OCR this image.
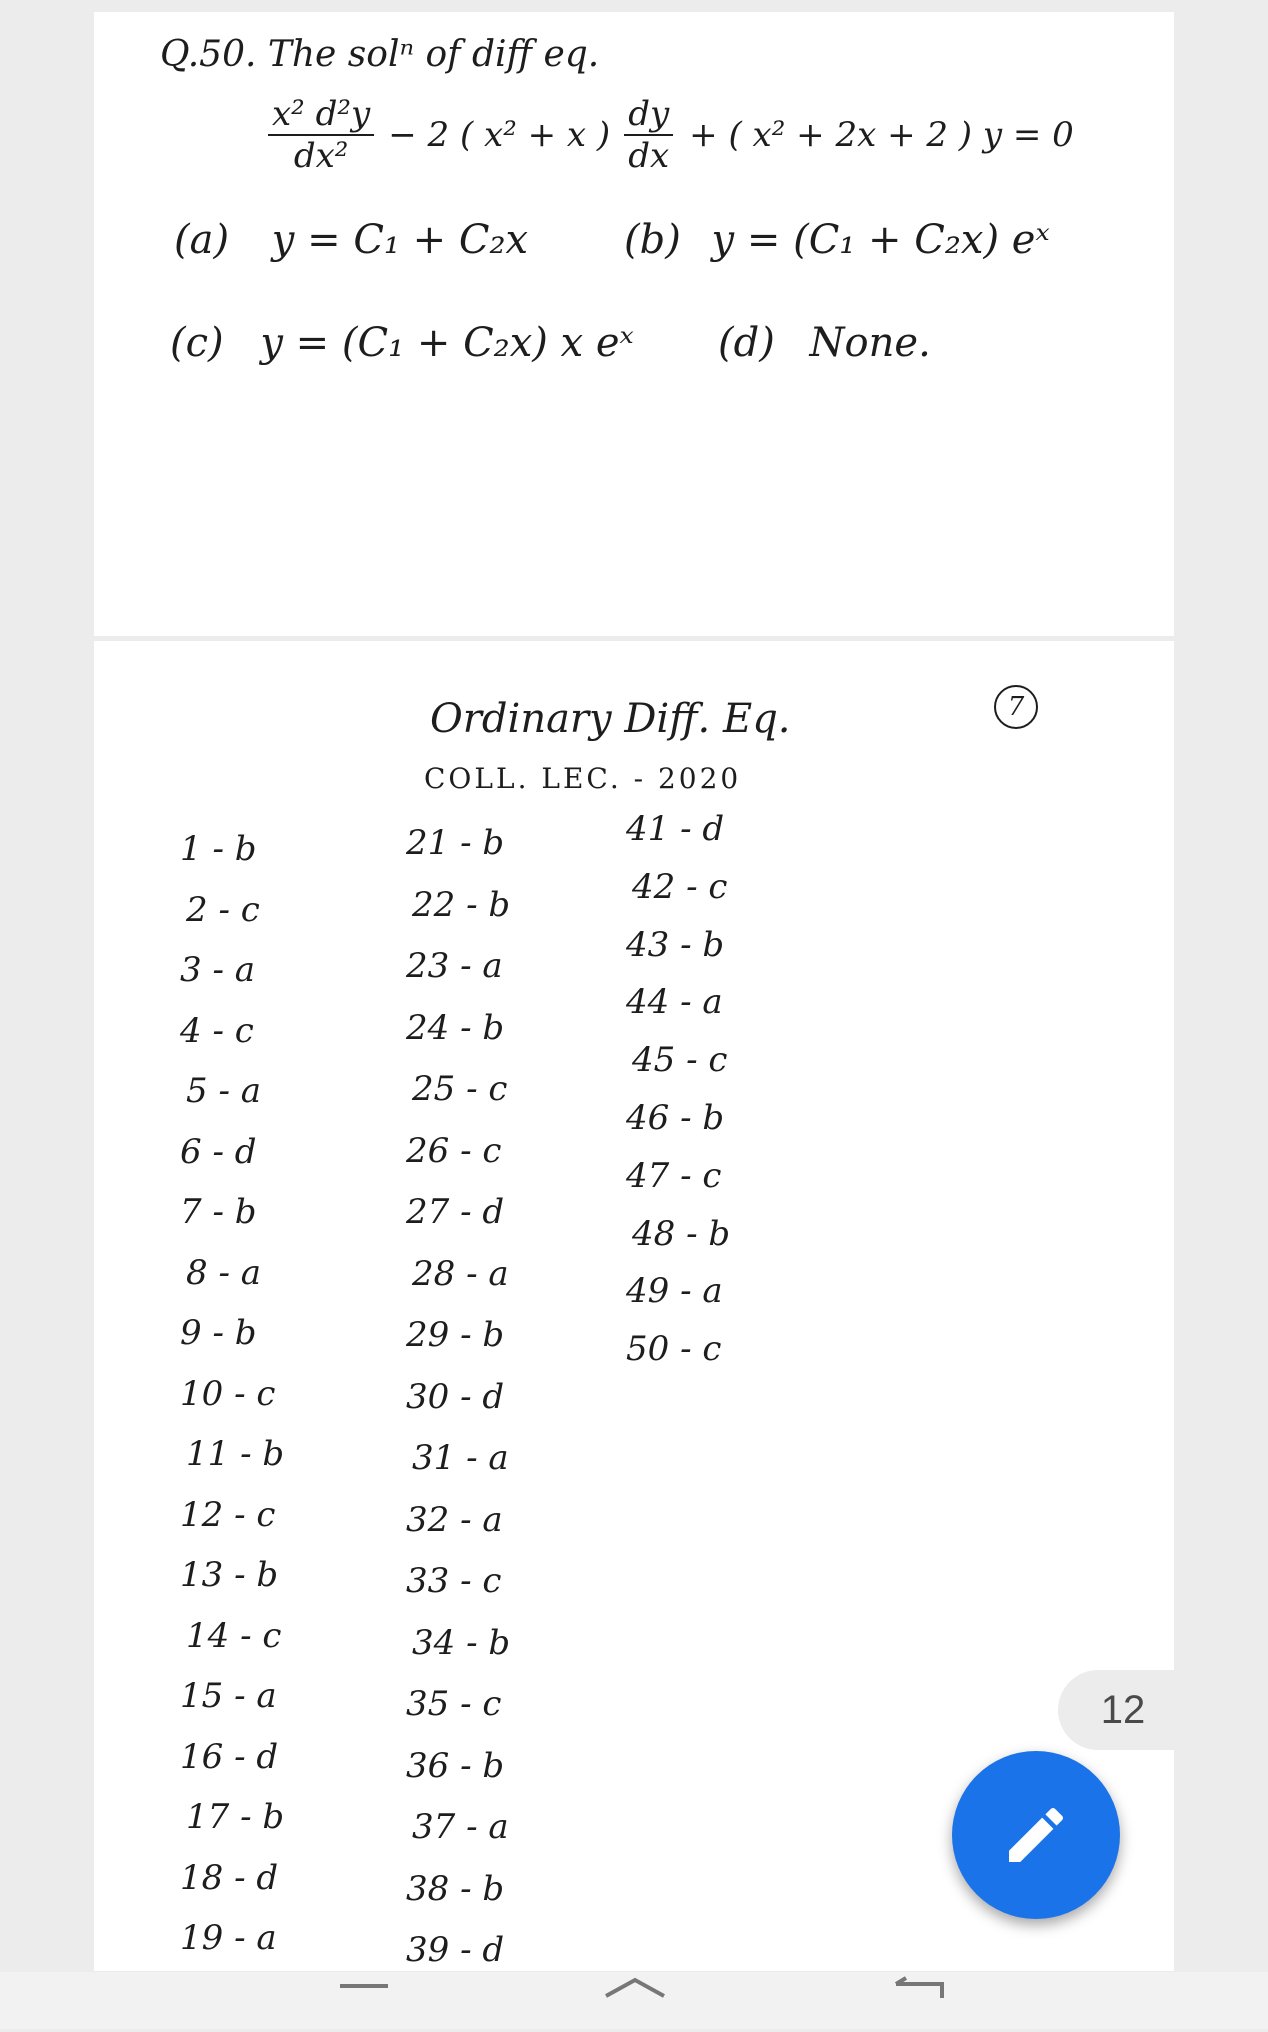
Q.50. The solⁿ of diff eq.
$\frac{\text{x² d²y}}{\text{dx²}} - 2$ ( x² + x ) $\frac{dy}{dx}$ + ( x² + 2x + 2 ) y = 0
(a) y = C₁ + C₂x (b) y = (C₁ + C₂x) eˣ
(c) y = (C₁ + C₂x) x eˣ (d) None.
Ordinary Diff. Eq.	7
COLL. LEC. - 2020
1 - b
2 - c
3 - a
4 - c
5 - a
6 - d
7 - b
8 - a
9 - b
10 - c
11 - b
12 - c
13 - b
14 - c
15 - a
16 - d
17 - b
18 - d
19 - a
21 - b
22 - b
23 - a
24 - b
25 - c
26 - c
27 - d
28 - a
29 - b
30 - d
31 - a
32 - a
33 - c
34 - b
35 - c
36 - b
37 - a
38 - b
39 - d
41 - d
42 - c
43 - b
44 - a
45 - c
46 - b
47 - c
48 - b
49 - a
50 - c
12
